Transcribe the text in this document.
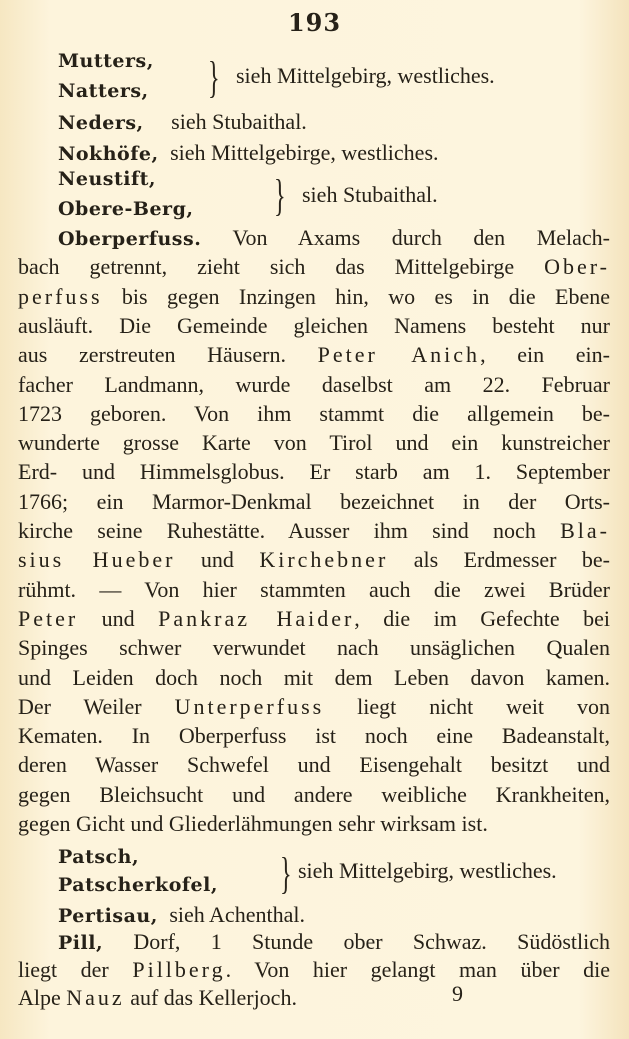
193
Mutters,
Natters, } sieh Mittelgebirg, westliches.
Neders, sieh Stubaithal.
Nokhöfe, sieh Mittelgebirge, westliches.
Neustift,
Obere-Berg, } sieh Stubaithal.
Oberperfuss. Von Axams durch den Melach-
bach getrennt, zieht sich das Mittelgebirge Ober-
perfuss bis gegen Inzingen hin, wo es in die Ebene
ausläuft. Die Gemeinde gleichen Namens besteht nur
aus zerstreuten Häusern. Peter Anich, ein ein-
facher Landmann, wurde daselbst am 22. Februar
1723 geboren. Von ihm stammt die allgemein be-
wunderte grosse Karte von Tirol und ein kunstreicher
Erd- und Himmelsglobus. Er starb am 1. September
1766; ein Marmor-Denkmal bezeichnet in der Orts-
kirche seine Ruhestätte. Ausser ihm sind noch Bla-
sius Hueber und Kirchebner als Erdmesser be-
rühmt. — Von hier stammten auch die zwei Brüder
Peter und Pankraz Haider, die im Gefechte bei
Spinges schwer verwundet nach unsäglichen Qualen
und Leiden doch noch mit dem Leben davon kamen.
Der Weiler Unterperfuss liegt nicht weit von
Kematen. In Oberperfuss ist noch eine Badeanstalt,
deren Wasser Schwefel und Eisengehalt besitzt und
gegen Bleichsucht und andere weibliche Krankheiten,
gegen Gicht und Gliederlähmungen sehr wirksam ist.
Patsch,
Patscherkofel, } sieh Mittelgebirg, westliches.
Pertisau, sieh Achenthal.
Pill, Dorf, 1 Stunde ober Schwaz. Südöstlich
liegt der Pillberg. Von hier gelangt man über die
Alpe Nauz auf das Kellerjoch.	9
